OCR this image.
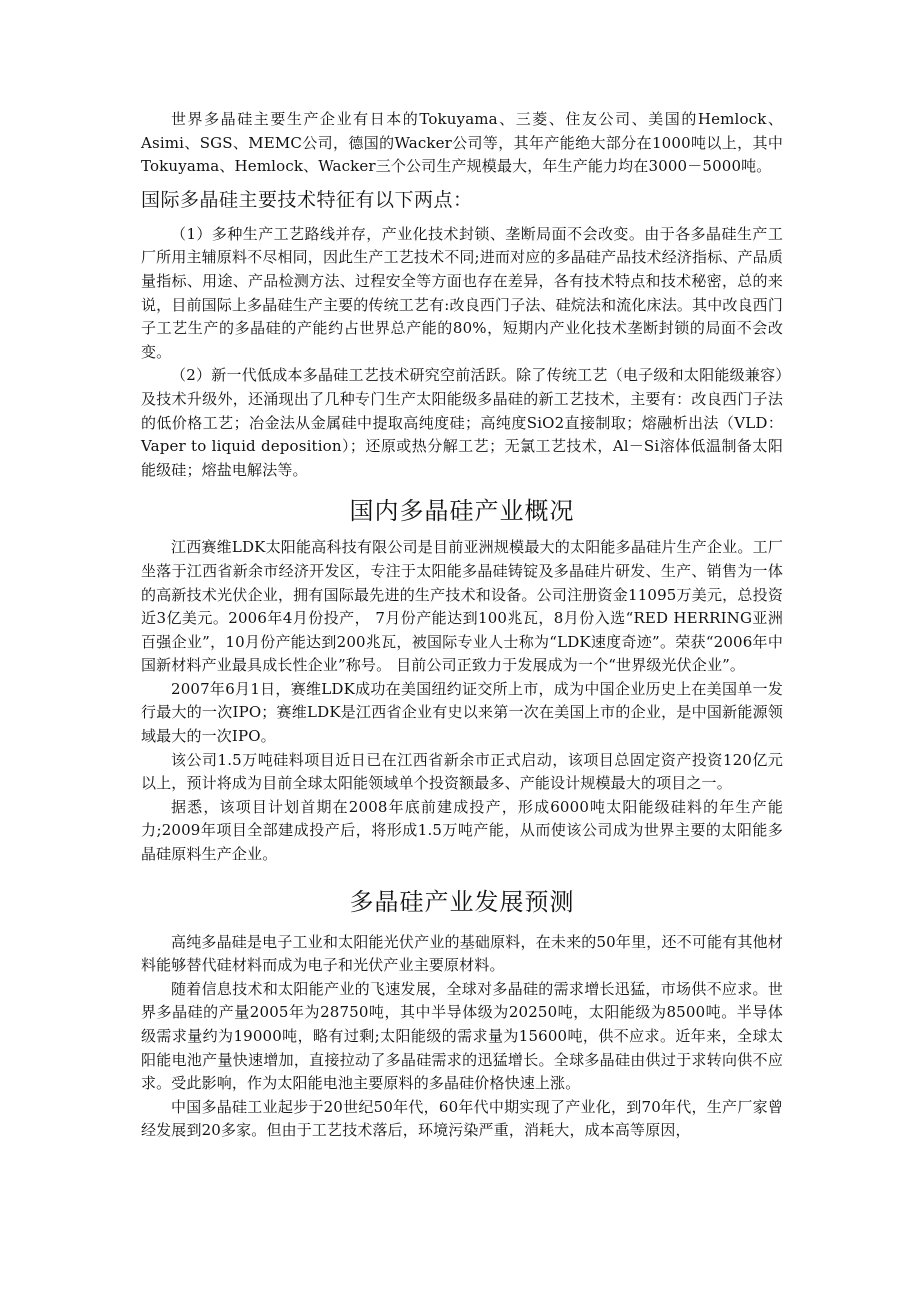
世界多晶硅主要生产企业有日本的Tokuyama、三菱、住友公司、美国的Hemlock、Asimi、SGS、MEMC公司，德国的Wacker公司等，其年产能绝大部分在1000吨以上，其中Tokuyama、Hemlock、Wacker三个公司生产规模最大，年生产能力均在3000－5000吨。

国际多晶硅主要技术特征有以下两点：

（1）多种生产工艺路线并存，产业化技术封锁、垄断局面不会改变。由于各多晶硅生产工厂所用主辅原料不尽相同，因此生产工艺技术不同;进而对应的多晶硅产品技术经济指标、产品质量指标、用途、产品检测方法、过程安全等方面也存在差异，各有技术特点和技术秘密，总的来说，目前国际上多晶硅生产主要的传统工艺有:改良西门子法、硅烷法和流化床法。其中改良西门子工艺生产的多晶硅的产能约占世界总产能的80%，短期内产业化技术垄断封锁的局面不会改变。

（2）新一代低成本多晶硅工艺技术研究空前活跃。除了传统工艺（电子级和太阳能级兼容）及技术升级外，还涌现出了几种专门生产太阳能级多晶硅的新工艺技术，主要有：改良西门子法的低价格工艺；冶金法从金属硅中提取高纯度硅；高纯度SiO2直接制取；熔融析出法（VLD：Vaper to liquid deposition）；还原或热分解工艺；无氯工艺技术，Al－Si溶体低温制备太阳能级硅；熔盐电解法等。

国内多晶硅产业概况

江西赛维LDK太阳能高科技有限公司是目前亚洲规模最大的太阳能多晶硅片生产企业。工厂坐落于江西省新余市经济开发区，专注于太阳能多晶硅铸锭及多晶硅片研发、生产、销售为一体的高新技术光伏企业，拥有国际最先进的生产技术和设备。公司注册资金11095万美元，总投资近3亿美元。2006年4月份投产， 7月份产能达到100兆瓦，8月份入选“RED HERRING亚洲百强企业”，10月份产能达到200兆瓦，被国际专业人士称为“LDK速度奇迹”。荣获“2006年中国新材料产业最具成长性企业”称号。 目前公司正致力于发展成为一个“世界级光伏企业”。

2007年6月1日，赛维LDK成功在美国纽约证交所上市，成为中国企业历史上在美国单一发行最大的一次IPO；赛维LDK是江西省企业有史以来第一次在美国上市的企业，是中国新能源领域最大的一次IPO。

该公司1.5万吨硅料项目近日已在江西省新余市正式启动，该项目总固定资产投资120亿元以上，预计将成为目前全球太阳能领域单个投资额最多、产能设计规模最大的项目之一。

据悉，该项目计划首期在2008年底前建成投产，形成6000吨太阳能级硅料的年生产能力;2009年项目全部建成投产后，将形成1.5万吨产能，从而使该公司成为世界主要的太阳能多晶硅原料生产企业。

多晶硅产业发展预测

高纯多晶硅是电子工业和太阳能光伏产业的基础原料，在未来的50年里，还不可能有其他材料能够替代硅材料而成为电子和光伏产业主要原材料。

随着信息技术和太阳能产业的飞速发展，全球对多晶硅的需求增长迅猛，市场供不应求。世界多晶硅的产量2005年为28750吨，其中半导体级为20250吨，太阳能级为8500吨。半导体级需求量约为19000吨，略有过剩;太阳能级的需求量为15600吨，供不应求。近年来，全球太阳能电池产量快速增加，直接拉动了多晶硅需求的迅猛增长。全球多晶硅由供过于求转向供不应求。受此影响，作为太阳能电池主要原料的多晶硅价格快速上涨。

中国多晶硅工业起步于20世纪50年代，60年代中期实现了产业化，到70年代，生产厂家曾经发展到20多家。但由于工艺技术落后，环境污染严重，消耗大，成本高等原因，
